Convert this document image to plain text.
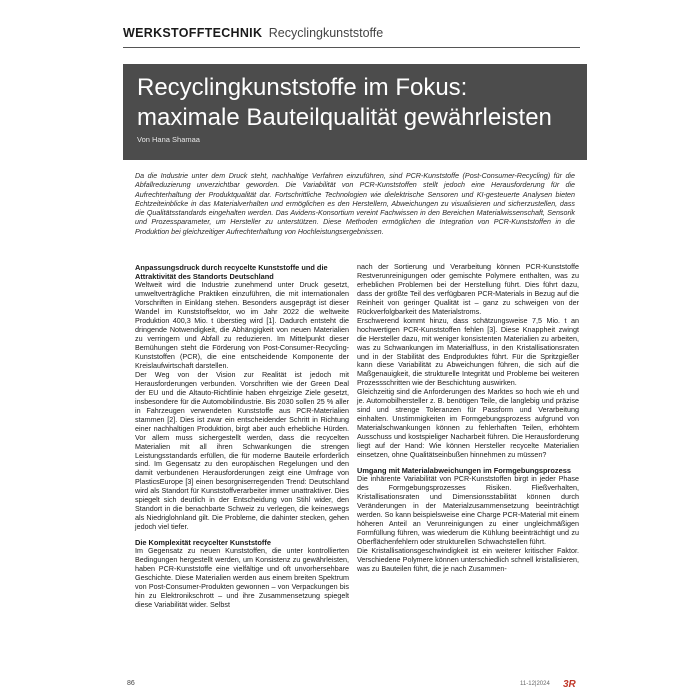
WERKSTOFFTECHNIK Recyclingkunststoffe
Recyclingkunststoffe im Fokus:
maximale Bauteilqualität gewährleisten
Von Hana Shamaa
Da die Industrie unter dem Druck steht, nachhaltige Verfahren einzuführen, sind PCR-Kunststoffe (Post-Consumer-Recycling) für die Abfallreduzierung unverzichtbar geworden. Die Variabilität von PCR-Kunststoffen stellt jedoch eine Herausforderung für die Aufrechterhaltung der Produktqualität dar. Fortschrittliche Technologien wie dielektrische Sensoren und KI-gesteuerte Analysen bieten Echtzeiteinblicke in das Materialverhalten und ermöglichen es den Herstellern, Abweichungen zu visualisieren und sicherzustellen, dass die Qualitätsstandards eingehalten werden. Das Avidens-Konsortium vereint Fachwissen in den Bereichen Materialwissenschaft, Sensorik und Prozessparameter, um Hersteller zu unterstützen. Diese Methoden ermöglichen die Integration von PCR-Kunststoffen in die Produktion bei gleichzeitiger Aufrechterhaltung von Hochleistungsergebnissen.
Anpassungsdruck durch recycelte Kunststoffe und die Attraktivität des Standorts Deutschland

Weltweit wird die Industrie zunehmend unter Druck gesetzt, umweltverträgliche Praktiken einzuführen, die mit internationalen Vorschriften in Einklang stehen. Besonders ausgeprägt ist dieser Wandel im Kunststoffsektor, wo im Jahr 2022 die weltweite Produktion 400,3 Mio. t überstieg wird [1]. Dadurch entsteht die dringende Notwendigkeit, die Abhängigkeit von neuen Materialien zu verringern und Abfall zu reduzieren. Im Mittelpunkt dieser Bemühungen steht die Förderung von Post-Consumer-Recycling-Kunststoffen (PCR), die eine entscheidende Komponente der Kreislaufwirtschaft darstellen.

Der Weg von der Vision zur Realität ist jedoch mit Herausforderungen verbunden. Vorschriften wie der Green Deal der EU und die Altauto-Richtlinie haben ehrgeizige Ziele gesetzt, insbesondere für die Automobilindustrie. Bis 2030 sollen 25 % aller in Fahrzeugen verwendeten Kunststoffe aus PCR-Materialien stammen [2]. Dies ist zwar ein entscheidender Schritt in Richtung einer nachhaltigen Produktion, birgt aber auch erhebliche Hürden. Vor allem muss sichergestellt werden, dass die recycelten Materialien mit all ihren Schwankungen die strengen Leistungsstandards erfüllen, die für moderne Bauteile erforderlich sind. Im Gegensatz zu den europäischen Regelungen und den damit verbundenen Herausforderungen zeigt eine Umfrage von PlasticsEurope [3] einen besorgniserregenden Trend: Deutschland wird als Standort für Kunststoffverarbeiter immer unattraktiver. Dies spiegelt sich deutlich in der Entscheidung von Stihl wider, den Standort in die benachbarte Schweiz zu verlegen, die keineswegs als Niedriglohnland gilt. Die Probleme, die dahinter stecken, gehen jedoch viel tiefer.

Die Komplexität recycelter Kunststoffe

Im Gegensatz zu neuen Kunststoffen, die unter kontrollierten Bedingungen hergestellt werden, um Konsistenz zu gewährleisten, haben PCR-Kunststoffe eine vielfältige und oft unvorhersehbare Geschichte. Diese Materialien werden aus einem breiten Spektrum von Post-Consumer-Produkten gewonnen – von Verpackungen bis hin zu Elektronikschrott – und ihre Zusammensetzung spiegelt diese Variabilität wider. Selbst

nach der Sortierung und Verarbeitung können PCR-Kunststoffe Restverunreinigungen oder gemischte Polymere enthalten, was zu erheblichen Problemen bei der Herstellung führt. Dies führt dazu, dass der größte Teil des verfügbaren PCR-Materials in Bezug auf die Reinheit von geringer Qualität ist – ganz zu schweigen von der Rückverfolgbarkeit des Materialstroms.

Erschwerend kommt hinzu, dass schätzungsweise 7,5 Mio. t an hochwertigen PCR-Kunststoffen fehlen [3]. Diese Knappheit zwingt die Hersteller dazu, mit weniger konsistenten Materialien zu arbeiten, was zu Schwankungen im Materialfluss, in den Kristallisationsraten und in der Stabilität des Endproduktes führt. Für die Spritzgießer kann diese Variabilität zu Abweichungen führen, die sich auf die Maßgenauigkeit, die strukturelle Integrität und Probleme bei weiteren Prozessschritten wie der Beschichtung auswirken.

Gleichzeitig sind die Anforderungen des Marktes so hoch wie eh und je. Automobilhersteller z. B. benötigen Teile, die langlebig und präzise sind und strenge Toleranzen für Passform und Verarbeitung einhalten. Unstimmigkeiten im Formgebungsprozess aufgrund von Materialschwankungen können zu fehlerhaften Teilen, erhöhtem Ausschuss und kostspieliger Nacharbeit führen. Die Herausforderung liegt auf der Hand: Wie können Hersteller recycelte Materialien einsetzen, ohne Qualitätseinbußen hinnehmen zu müssen?

Umgang mit Materialabweichungen im Formgebungsprozess

Die inhärente Variabilität von PCR-Kunststoffen birgt in jeder Phase des Formgebungsprozesses Risiken. Fließverhalten, Kristallisationsraten und Dimensionsstabilität können durch Veränderungen in der Materialzusammensetzung beeinträchtigt werden. So kann beispielsweise eine Charge PCR-Material mit einem höheren Anteil an Verunreinigungen zu einer ungleichmäßigen Formfüllung führen, was wiederum die Kühlung beeinträchtigt und zu Oberflächenfehlern oder strukturellen Schwachstellen führt.

Die Kristallisationsgeschwindigkeit ist ein weiterer kritischer Faktor. Verschiedene Polymere können unterschiedlich schnell kristallisieren, was zu Bauteilen führt, die je nach Zusammen-

86	11-12|2024 3R
